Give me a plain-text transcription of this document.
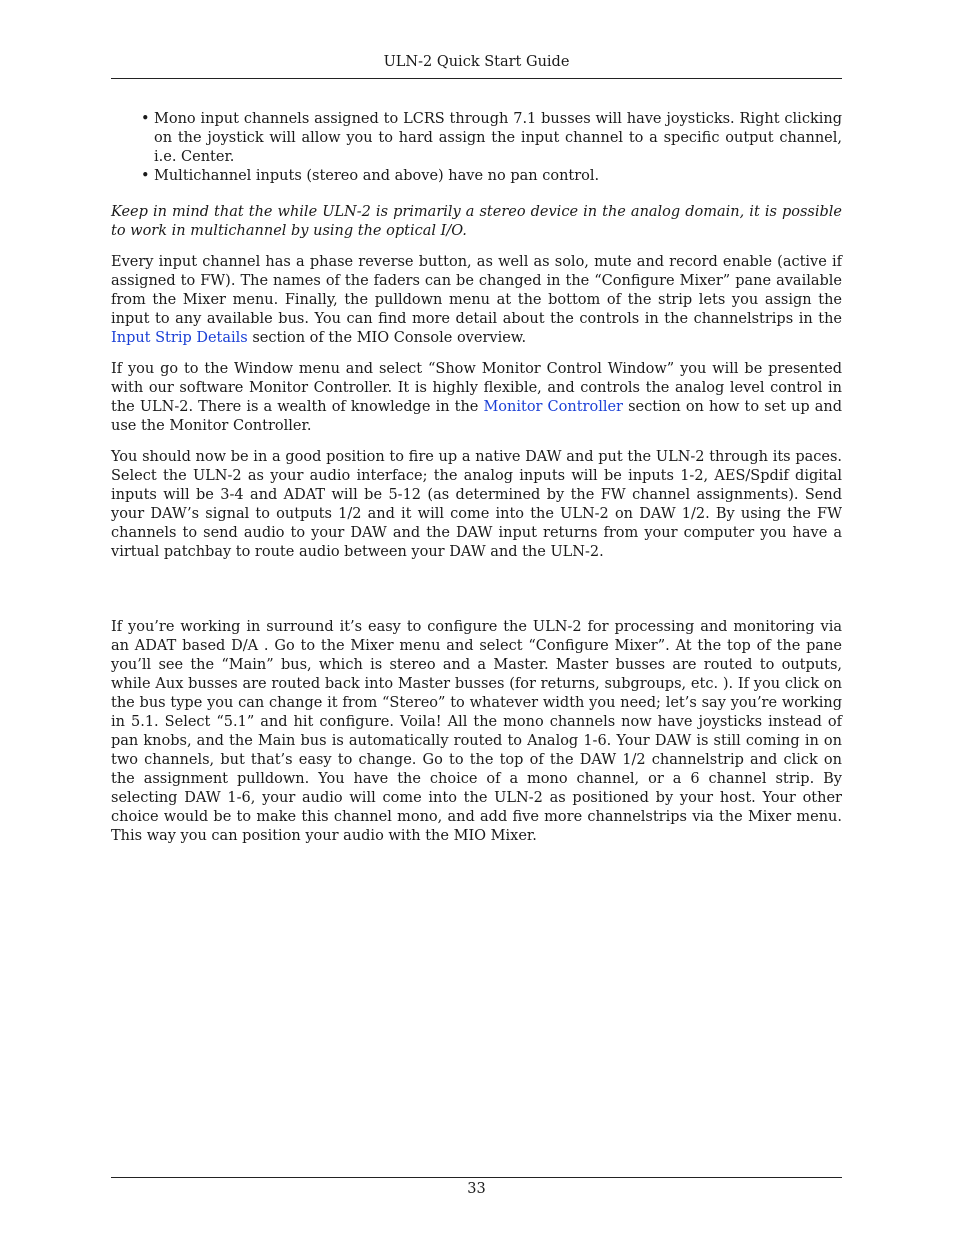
ULN-2 Quick Start Guide
• Mono input channels assigned to LCRS through 7.1 busses will have joysticks. Right clicking on the joystick will allow you to hard assign the input channel to a specific output channel, i.e. Center.
• Multichannel inputs (stereo and above) have no pan control.

Keep in mind that the while ULN-2 is primarily a stereo device in the analog domain, it is possible to work in multichannel by using the optical I/O.

Every input channel has a phase reverse button, as well as solo, mute and record enable (active if assigned to FW). The names of the faders can be changed in the “Configure Mixer” pane available from the Mixer menu. Finally, the pulldown menu at the bottom of the strip lets you assign the input to any available bus. You can find more detail about the controls in the channelstrips in the Input Strip Details section of the MIO Console overview.

If you go to the Window menu and select “Show Monitor Control Window” you will be presented with our software Monitor Controller. It is highly flexible, and controls the analog level control in the ULN-2. There is a wealth of knowledge in the Monitor Controller section on how to set up and use the Monitor Controller.

You should now be in a good position to fire up a native DAW and put the ULN-2 through its paces. Select the ULN-2 as your audio interface; the analog inputs will be inputs 1-2, AES/Spdif digital inputs will be 3-4 and ADAT will be 5-12 (as determined by the FW channel assignments). Send your DAW’s signal to outputs 1/2 and it will come into the ULN-2 on DAW 1/2. By using the FW channels to send audio to your DAW and the DAW input returns from your computer you have a virtual patchbay to route audio between your DAW and the ULN-2.

If you’re working in surround it’s easy to configure the ULN-2 for processing and monitoring via an ADAT based D/A . Go to the Mixer menu and select “Configure Mixer”. At the top of the pane you’ll see the “Main” bus, which is stereo and a Master. Master busses are routed to outputs, while Aux busses are routed back into Master busses (for returns, subgroups, etc. ). If you click on the bus type you can change it from “Stereo” to whatever width you need; let’s say you’re working in 5.1. Select “5.1” and hit configure. Voila! All the mono channels now have joysticks instead of pan knobs, and the Main bus is automatically routed to Analog 1-6. Your DAW is still coming in on two channels, but that’s easy to change. Go to the top of the DAW 1/2 channelstrip and click on the assignment pulldown. You have the choice of a mono channel, or a 6 channel strip. By selecting DAW 1-6, your audio will come into the ULN-2 as positioned by your host. Your other choice would be to make this channel mono, and add five more channelstrips via the Mixer menu. This way you can position your audio with the MIO Mixer.

33
